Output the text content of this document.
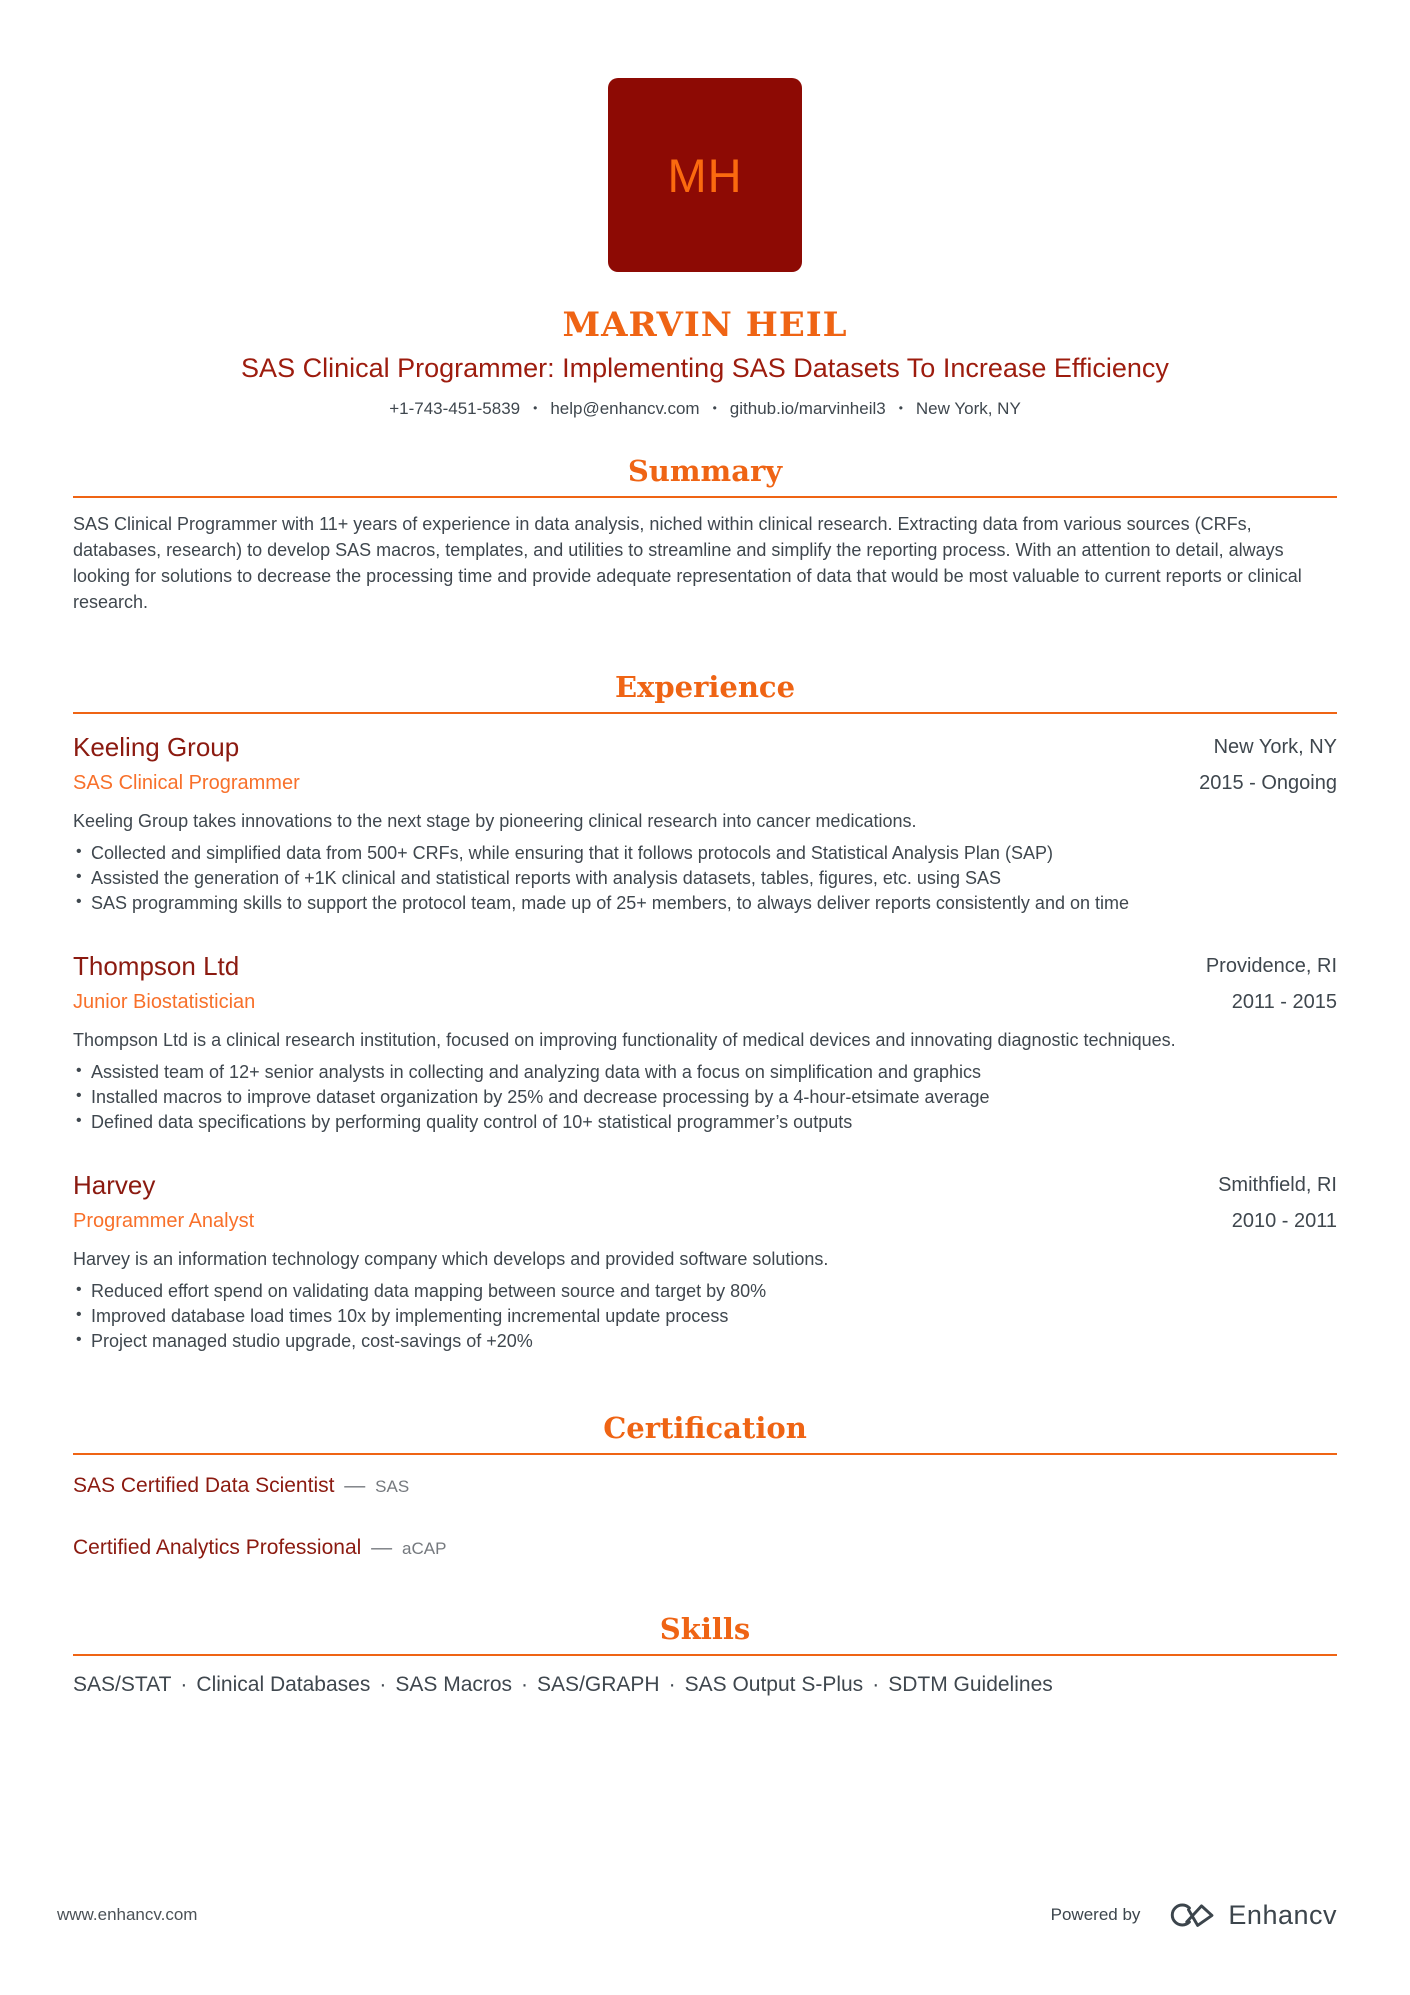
MH
MARVIN HEIL
SAS Clinical Programmer: Implementing SAS Datasets To Increase Efficiency
+1-743-451-5839 • help@enhancv.com • github.io/marvinheil3 • New York, NY
Summary

SAS Clinical Programmer with 11+ years of experience in data analysis, niched within clinical research. Extracting data from various sources (CRFs, databases, research) to develop SAS macros, templates, and utilities to streamline and simplify the reporting process. With an attention to detail, always looking for solutions to decrease the processing time and provide adequate representation of data that would be most valuable to current reports or clinical research.

Experience
Keeling Group
SAS Clinical Programmer
New York, NY
2015 - Ongoing
Keeling Group takes innovations to the next stage by pioneering clinical research into cancer medications.
• Collected and simplified data from 500+ CRFs, while ensuring that it follows protocols and Statistical Analysis Plan (SAP)
• Assisted the generation of +1K clinical and statistical reports with analysis datasets, tables, figures, etc. using SAS
• SAS programming skills to support the protocol team, made up of 25+ members, to always deliver reports consistently and on time
Thompson Ltd
Junior Biostatistician
Providence, RI
2011 - 2015
Thompson Ltd is a clinical research institution, focused on improving functionality of medical devices and innovating diagnostic techniques.
• Assisted team of 12+ senior analysts in collecting and analyzing data with a focus on simplification and graphics
• Installed macros to improve dataset organization by 25% and decrease processing by a 4-hour-etsimate average
• Defined data specifications by performing quality control of 10+ statistical programmer’s outputs
Harvey
Programmer Analyst
Smithfield, RI
2010 - 2011
Harvey is an information technology company which develops and provided software solutions.
• Reduced effort spend on validating data mapping between source and target by 80%
• Improved database load times 10x by implementing incremental update process
• Project managed studio upgrade, cost-savings of +20%
Certification
SAS Certified Data Scientist — SAS
Certified Analytics Professional — aCAP
Skills
SAS/STAT · Clinical Databases · SAS Macros · SAS/GRAPH · SAS Output S-Plus · SDTM Guidelines
www.enhancv.com	Powered by	Enhancv
